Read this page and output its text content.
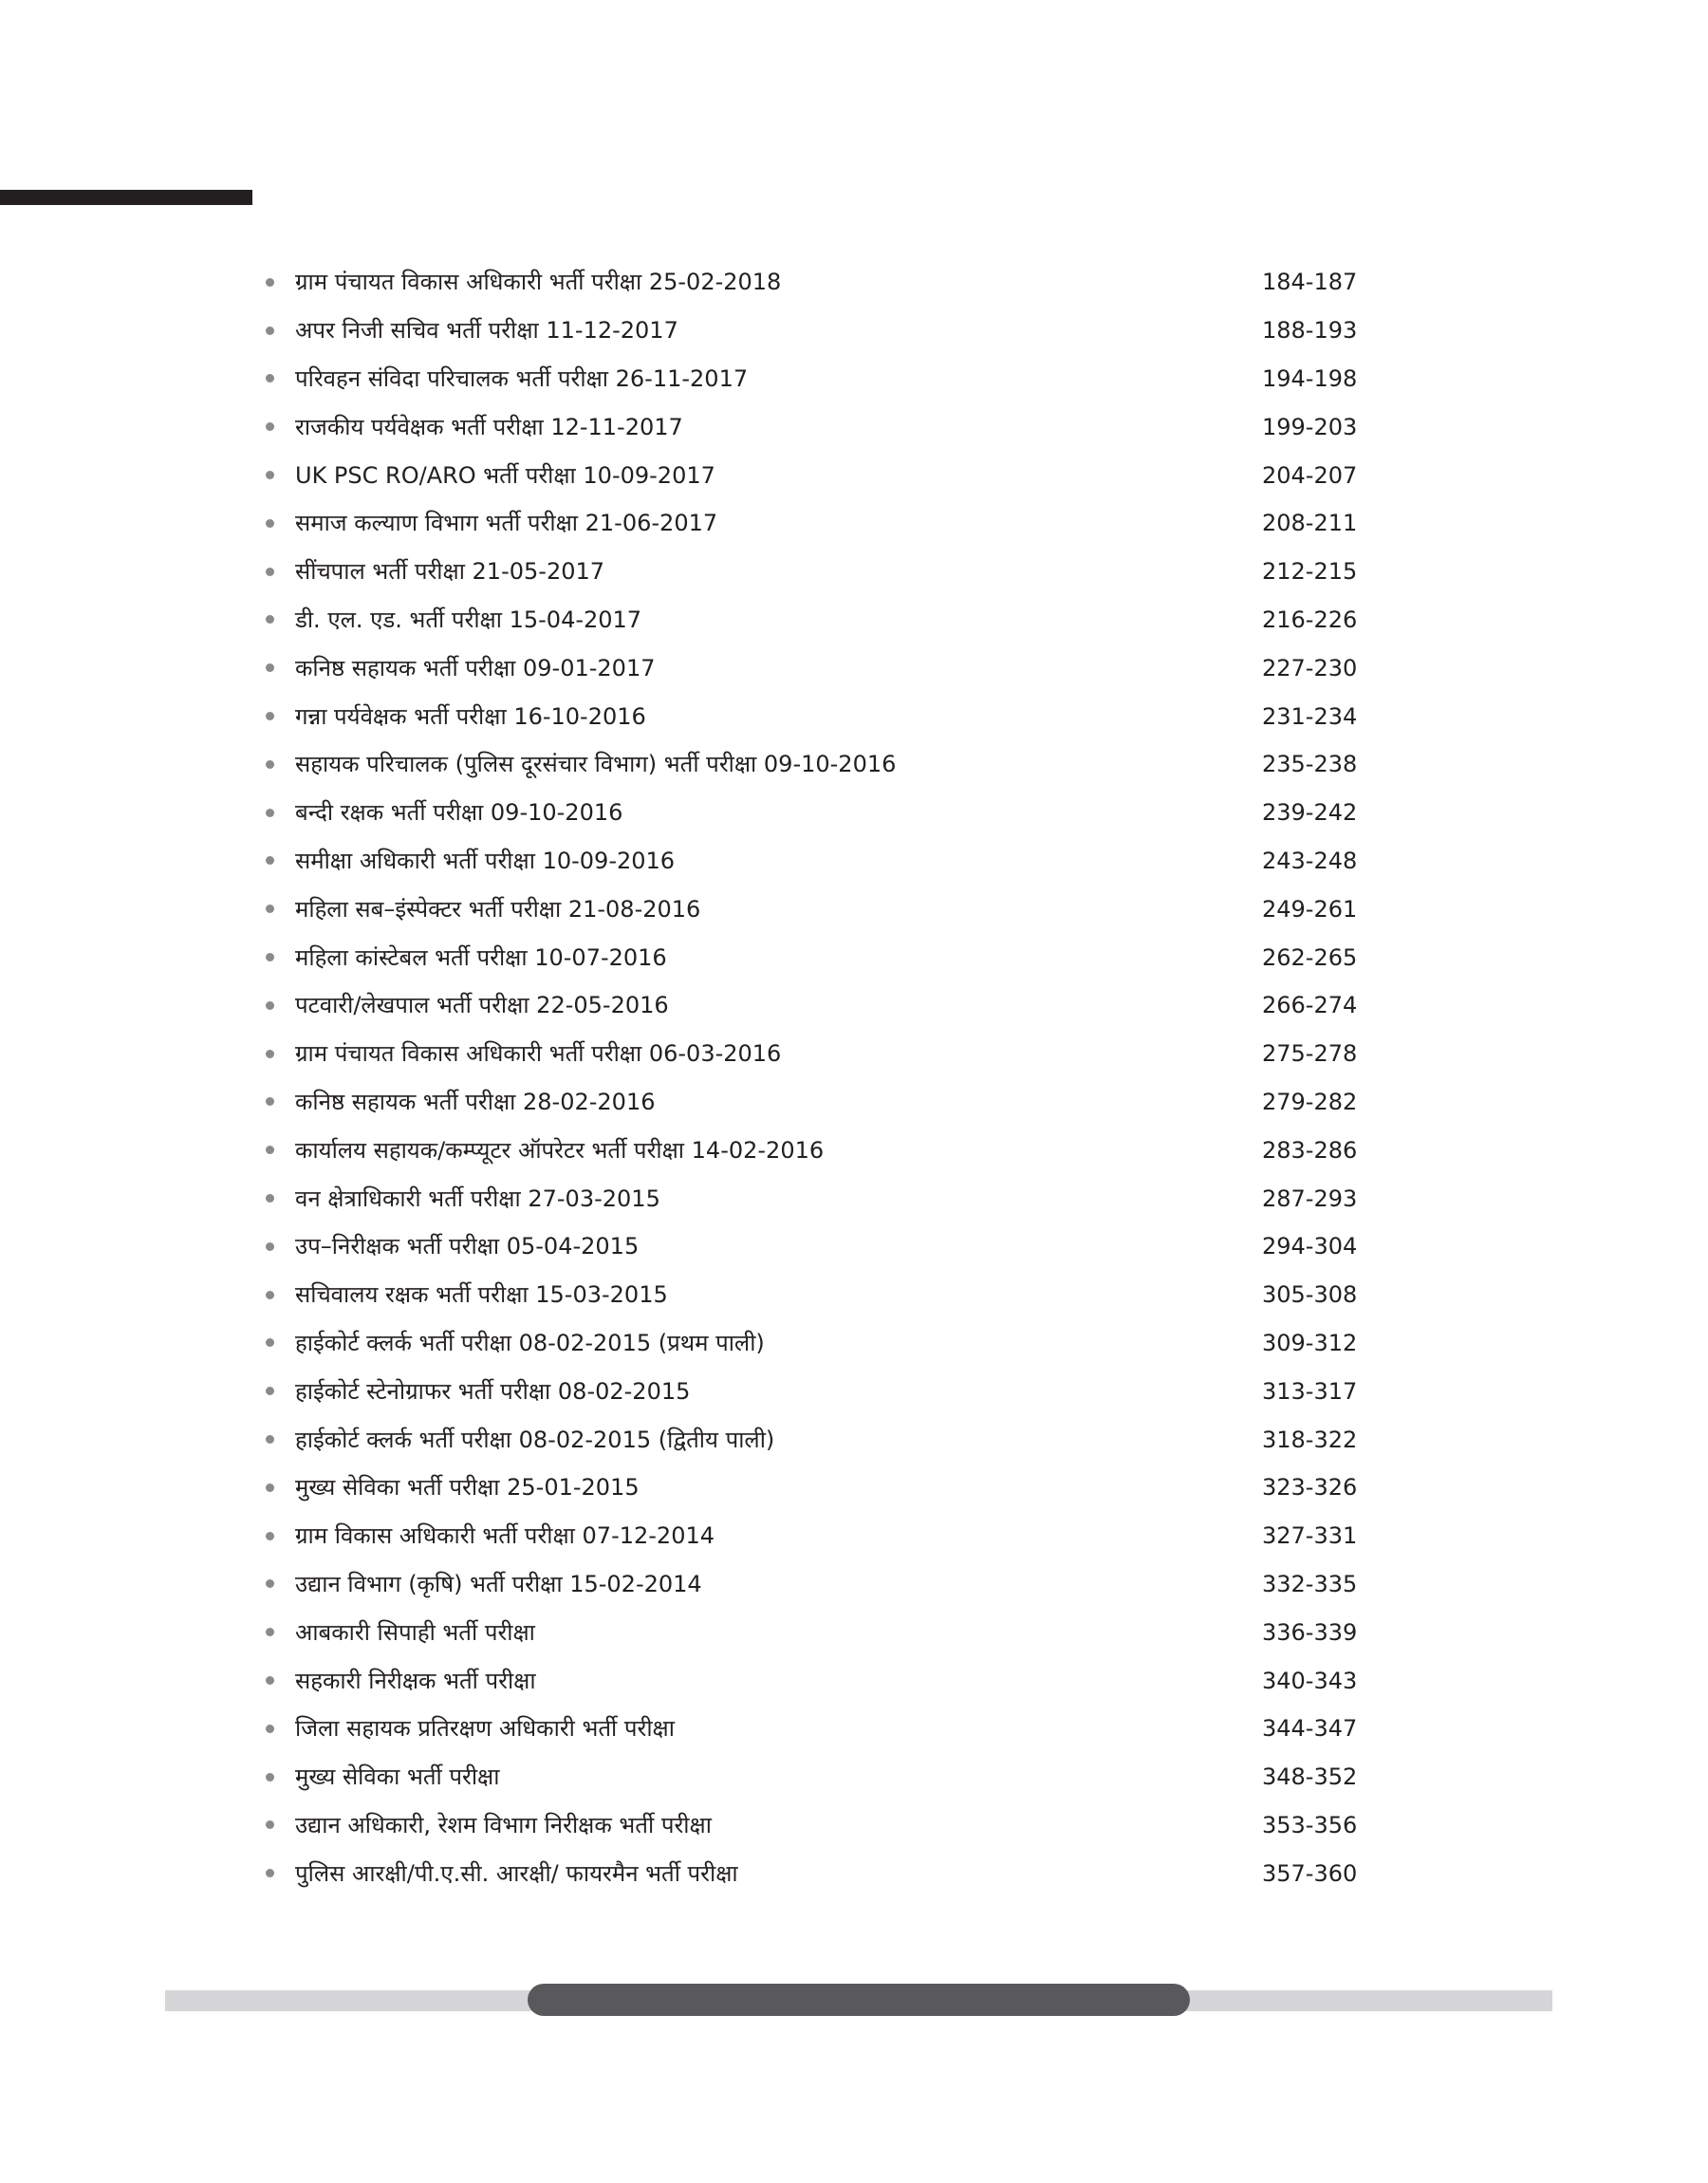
ग्राम पंचायत विकास अधिकारी भर्ती परीक्षा 25-02-2018	184-187
अपर निजी सचिव भर्ती परीक्षा 11-12-2017	188-193
परिवहन संविदा परिचालक भर्ती परीक्षा 26-11-2017	194-198
राजकीय पर्यवेक्षक भर्ती परीक्षा 12-11-2017	199-203
UK PSC RO/ARO भर्ती परीक्षा 10-09-2017	204-207
समाज कल्याण विभाग भर्ती परीक्षा 21-06-2017	208-211
सींचपाल भर्ती परीक्षा 21-05-2017	212-215
डी. एल. एड. भर्ती परीक्षा 15-04-2017	216-226
कनिष्ठ सहायक भर्ती परीक्षा 09-01-2017	227-230
गन्ना पर्यवेक्षक भर्ती परीक्षा 16-10-2016	231-234
सहायक परिचालक (पुलिस दूरसंचार विभाग) भर्ती परीक्षा 09-10-2016	235-238
बन्दी रक्षक भर्ती परीक्षा 09-10-2016	239-242
समीक्षा अधिकारी भर्ती परीक्षा 10-09-2016	243-248
महिला सब–इंस्पेक्टर भर्ती परीक्षा 21-08-2016	249-261
महिला कांस्टेबल भर्ती परीक्षा 10-07-2016	262-265
पटवारी/लेखपाल भर्ती परीक्षा 22-05-2016	266-274
ग्राम पंचायत विकास अधिकारी भर्ती परीक्षा 06-03-2016	275-278
कनिष्ठ सहायक भर्ती परीक्षा 28-02-2016	279-282
कार्यालय सहायक/कम्प्यूटर ऑपरेटर भर्ती परीक्षा 14-02-2016	283-286
वन क्षेत्राधिकारी भर्ती परीक्षा 27-03-2015	287-293
उप–निरीक्षक भर्ती परीक्षा 05-04-2015	294-304
सचिवालय रक्षक भर्ती परीक्षा 15-03-2015	305-308
हाईकोर्ट क्लर्क भर्ती परीक्षा 08-02-2015 (प्रथम पाली)	309-312
हाईकोर्ट स्टेनोग्राफर भर्ती परीक्षा 08-02-2015	313-317
हाईकोर्ट क्लर्क भर्ती परीक्षा 08-02-2015 (द्वितीय पाली)	318-322
मुख्य सेविका भर्ती परीक्षा 25-01-2015	323-326
ग्राम विकास अधिकारी भर्ती परीक्षा 07-12-2014	327-331
उद्यान विभाग (कृषि) भर्ती परीक्षा 15-02-2014	332-335
आबकारी सिपाही भर्ती परीक्षा	336-339
सहकारी निरीक्षक भर्ती परीक्षा	340-343
जिला सहायक प्रतिरक्षण अधिकारी भर्ती परीक्षा	344-347
मुख्य सेविका भर्ती परीक्षा	348-352
उद्यान अधिकारी, रेशम विभाग निरीक्षक भर्ती परीक्षा	353-356
पुलिस आरक्षी/पी.ए.सी. आरक्षी/ फायरमैन भर्ती परीक्षा	357-360
